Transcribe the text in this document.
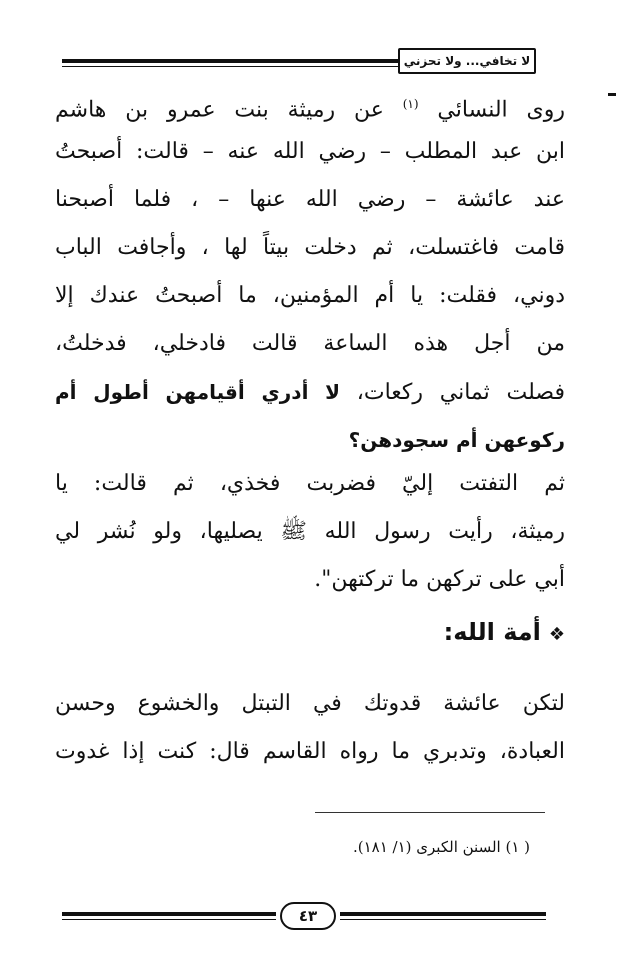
لا تخافي... ولا تحزني
روى النسائي $^{(١)}$ عن رميثة بنت عمرو بن هاشم
ابن عبد المطلب – رضي الله عنه – قالت: أصبحتُ
عند عائشة – رضي الله عنها – ، فلما أصبحنا
قامت فاغتسلت، ثم دخلت بيتاً لها ، وأجافت الباب
دوني، فقلت: يا أم المؤمنين، ما أصبحتُ عندك إلا
من أجل هذه الساعة قالت فادخلي، فدخلتُ،
فصلت ثماني ركعات، لا أدري أقيامهن أطول أم
ركوعهن أم سجودهن؟
ثم التفتت إليّ فضربت فخذي، ثم قالت: يا
رميثة، رأيت رسول الله ﷺ يصليها، ولو نُشر لي
أبي على تركهن ما تركتهن".
❖أمة الله:
لتكن عائشة قدوتك في التبتل والخشوع وحسن
العبادة، وتدبري ما رواه القاسم قال: كنت إذا غدوت
( ١) السنن الكبرى (١/ ١٨١).
٤٣
